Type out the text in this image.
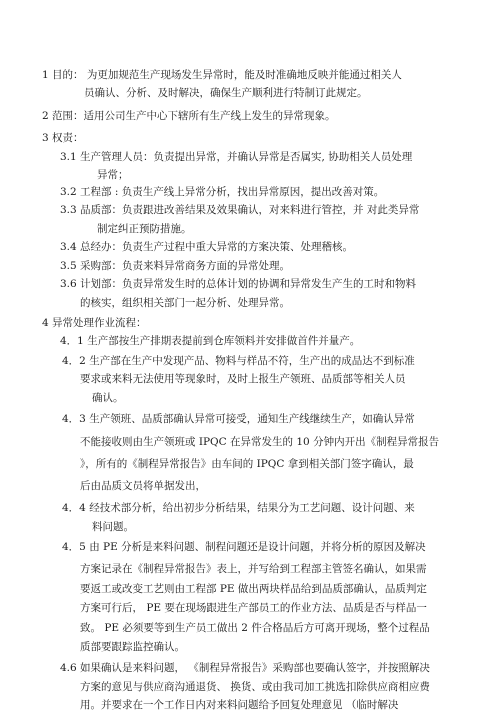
1 目的： 为更加规范生产现场发生异常时，能及时准确地反映并能通过相关人
员确认、分析、及时解决，确保生产顺利进行特制订此规定。
2 范围：适用公司生产中心下辖所有生产线上发生的异常现象。
3 权责：
3.1 生产管理人员：负责提出异常，并确认异常是否属实, 协助相关人员处理
异常；
3.2 工程部 : 负责生产线上异常分析，找出异常原因，提出改善对策。
3.3 品质部：负责跟进改善结果及效果确认，对来料进行管控，并 对此类异常
制定纠正预防措施。
3.4 总经办：负责生产过程中重大异常的方案决策、处理稽核。
3.5 采购部：负责来料异常商务方面的异常处理。
3.6 计划部：负责异常发生时的总体计划的协调和异常发生产生的工时和物料
的核实，组织相关部门一起分析、处理异常。
4 异常处理作业流程：
4．1 生产部按生产排期表提前到仓库领料并安排做首件并量产。
4．2 生产部在生产中发现产品、物料与样品不符，生产出的成品达不到标准
要求或来料无法使用等现象时，及时上报生产领班、品质部等相关人员
确认。
4．3 生产领班、品质部确认异常可接受，通知生产线继续生产，如确认异常
不能接收则由生产领班或 IPQC 在异常发生的 10 分钟内开出《制程异常报告
》，所有的《制程异常报告》由车间的 IPQC 拿到相关部门签字确认，最
后由品质文员将单据发出，
4．4 经技术部分析，给出初步分析结果，结果分为工艺问题、设计问题、来
料问题。
4．5 由 PE 分析是来料问题、制程问题还是设计问题，并将分析的原因及解决
方案记录在《制程异常报告》表上，并写给到工程部主管签名确认，如果需
要返工或改变工艺则由工程部 PE 做出两块样品给到品质部确认，品质判定
方案可行后， PE 要在现场跟进生产部员工的作业方法、品质是否与样品一
致。 PE 必须要等到生产员工做出 2 件合格品后方可离开现场，整个过程品
质部要跟踪监控确认。
4.6 如果确认是来料问题， 《制程异常报告》采购部也要确认签字，并按照解决
方案的意见与供应商沟通退货、 换货、或由我司加工挑选扣除供应商相应费
用。并要求在一个工作日内对来料问题给予回复处理意见 （临时解决
